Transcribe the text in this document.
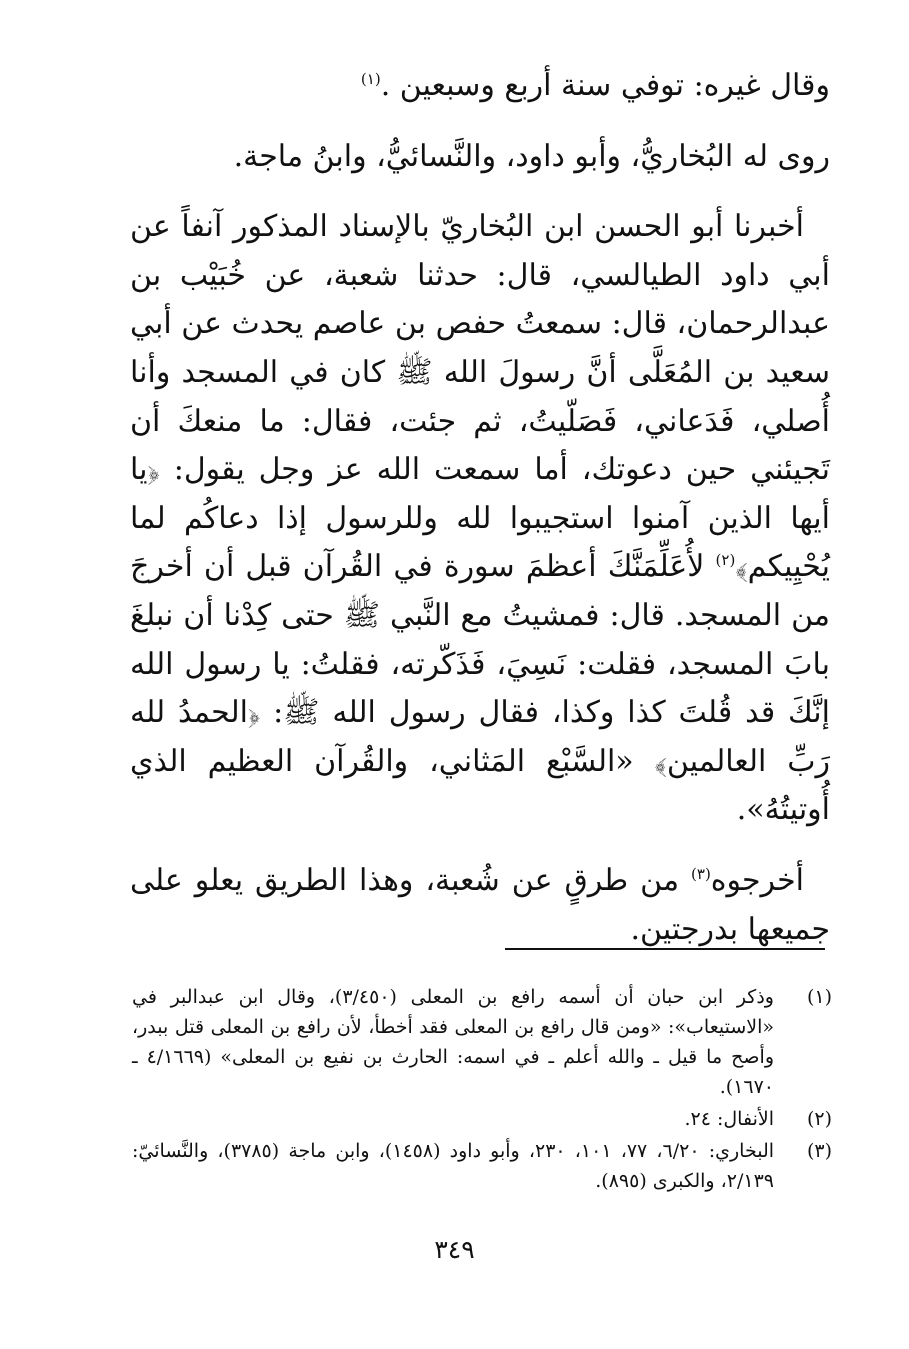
وقال غيره: توفي سنة أربع وسبعين .$^{(١)}$

روى له البُخاريُّ، وأبو داود، والنَّسائيُّ، وابنُ ماجة.

أخبرنا أبو الحسن ابن البُخاريّ بالإسناد المذكور آنفاً عن أبي داود الطيالسي، قال: حدثنا شعبة، عن خُبَيْب بن عبدالرحمان، قال: سمعتُ حفص بن عاصم يحدث عن أبي سعيد بن المُعَلَّى أنَّ رسولَ الله ﷺ كان في المسجد وأنا أُصلي، فَدَعاني، فَصَلّيتُ، ثم جئت، فقال: ما منعكَ أن تَجيئني حين دعوتك، أما سمعت الله عز وجل يقول: ﴿يا أيها الذين آمنوا استجيبوا لله وللرسول إذا دعاكُم لما يُحْيِيكم﴾$^{(٢)}$ لأُعَلِّمَنَّكَ أعظمَ سورة في القُرآن قبل أن أخرجَ من المسجد. قال: فمشيتُ مع النَّبي ﷺ حتى كِدْنا أن نبلغَ بابَ المسجد، فقلت: نَسِيَ، فَذَكّرته، فقلتُ: يا رسول الله إنَّكَ قد قُلتَ كذا وكذا، فقال رسول الله ﷺ: ﴿الحمدُ لله رَبِّ العالمين﴾ «السَّبْع المَثاني، والقُرآن العظيم الذي أُوتيتُهُ».

أخرجوه$^{(٣)}$ من طرقٍ عن شُعبة، وهذا الطريق يعلو على جميعها بدرجتين.

(١)
وذكر ابن حبان أن أسمه رافع بن المعلى (٣/٤٥٠)، وقال ابن عبدالبر في «الاستيعاب»: «ومن قال رافع بن المعلى فقد أخطأ، لأن رافع بن المعلى قتل ببدر، وأصح ما قيل ـ والله أعلم ـ في اسمه: الحارث بن نفيع بن المعلى» (٤/١٦٦٩ ـ ١٦٧٠).
(٢)
الأنفال: ٢٤.
(٣)
البخاري: ٦/٢٠، ٧٧، ١٠١، ٢٣٠، وأبو داود (١٤٥٨)، وابن ماجة (٣٧٨٥)، والنَّسائيّ: ٢/١٣٩، والكبرى (٨٩٥).
٣٤٩
